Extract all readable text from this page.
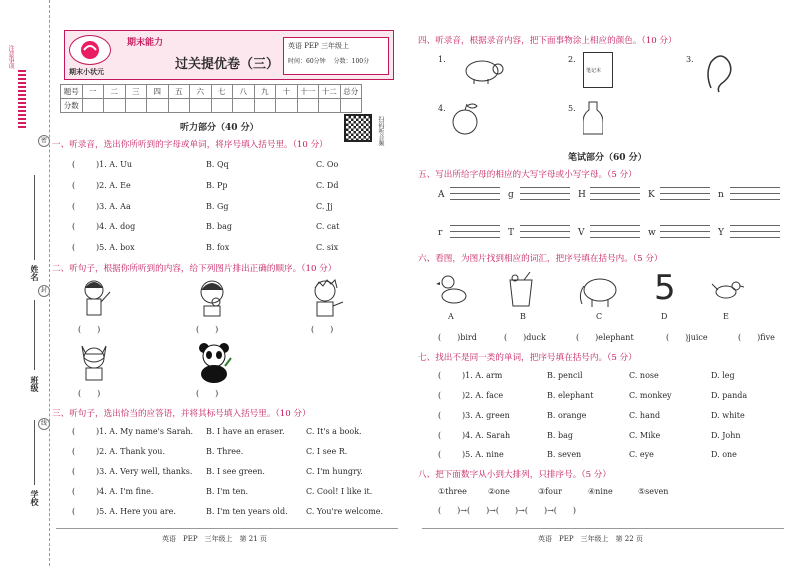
注意事项
姓名
班级
学校
密
封
线
期末小状元
期末能力
过关提优卷（三）
英语 PEP 三年级上
时间：60分钟 分数：100分
题号	一	二	三	四	五	六	七	八	九	十	十一	十二	总分
分数													
听力部分（40 分）	扫码听音频
一、听录音，选出你所听到的字母或单词，将序号填入括号里。（10 分）
(	)1. A. Uu	B. Qq	C. Oo
(	)2. A. Ee	B. Pp	C. Dd
(	)3. A. Aa	B. Gg	C. Jj
(	)4. A. dog	B. bag	C. cat
(	)5. A. box	B. fox	C. six
二、听句子，根据你所听到的内容，给下列图片排出正确的顺序。（10 分）
(　　)	(　　)	(　　)
(　　)	(　　)
三、听句子，选出恰当的应答语，并将其标号填入括号里。（10 分）
(	)1. A. My name's Sarah.	B. I have an eraser.	C. It's a book.
(	)2. A. Thank you.	B. Three.	C. I see R.
(	)3. A. Very well, thanks.	B. I see green.	C. I'm hungry.
(	)4. A. I'm fine.	B. I'm ten.	C. Cool! I like it.
(	)5. A. Here you are.	B. I'm ten years old.	C. You're welcome.
英语　PEP　三年级上　第 21 页
四、听录音，根据录音内容，把下面事物涂上相应的颜色。（10 分）
1.	2.
笔记本
3.
4.	5.
笔试部分（60 分）
五、写出所给字母的相应的大写字母或小写字母。（5 分）
A	g	H	K	n
r	T	V	w	Y
六、看图，为图片找到相应的词汇，把序号填在括号内。（5 分）
5
A	B	C	D	E
(　　)bird	(　　)duck	(　　)elephant	(　　)juice	(　　)five
七、找出不是同一类的单词，把序号填在括号内。（5 分）
(	)1. A. arm	B. pencil	C. nose	D. leg
(	)2. A. face	B. elephant	C. monkey	D. panda
(	)3. A. green	B. orange	C. hand	D. white
(	)4. A. Sarah	B. bag	C. Mike	D. John
(	)5. A. nine	B. seven	C. eye	D. one
八、把下面数字从小到大排列，只排序号。（5 分）
①three	②one	③four	④nine	⑤seven
(　　)→(　　)→(　　)→(　　)→(　　)
英语　PEP　三年级上　第 22 页
